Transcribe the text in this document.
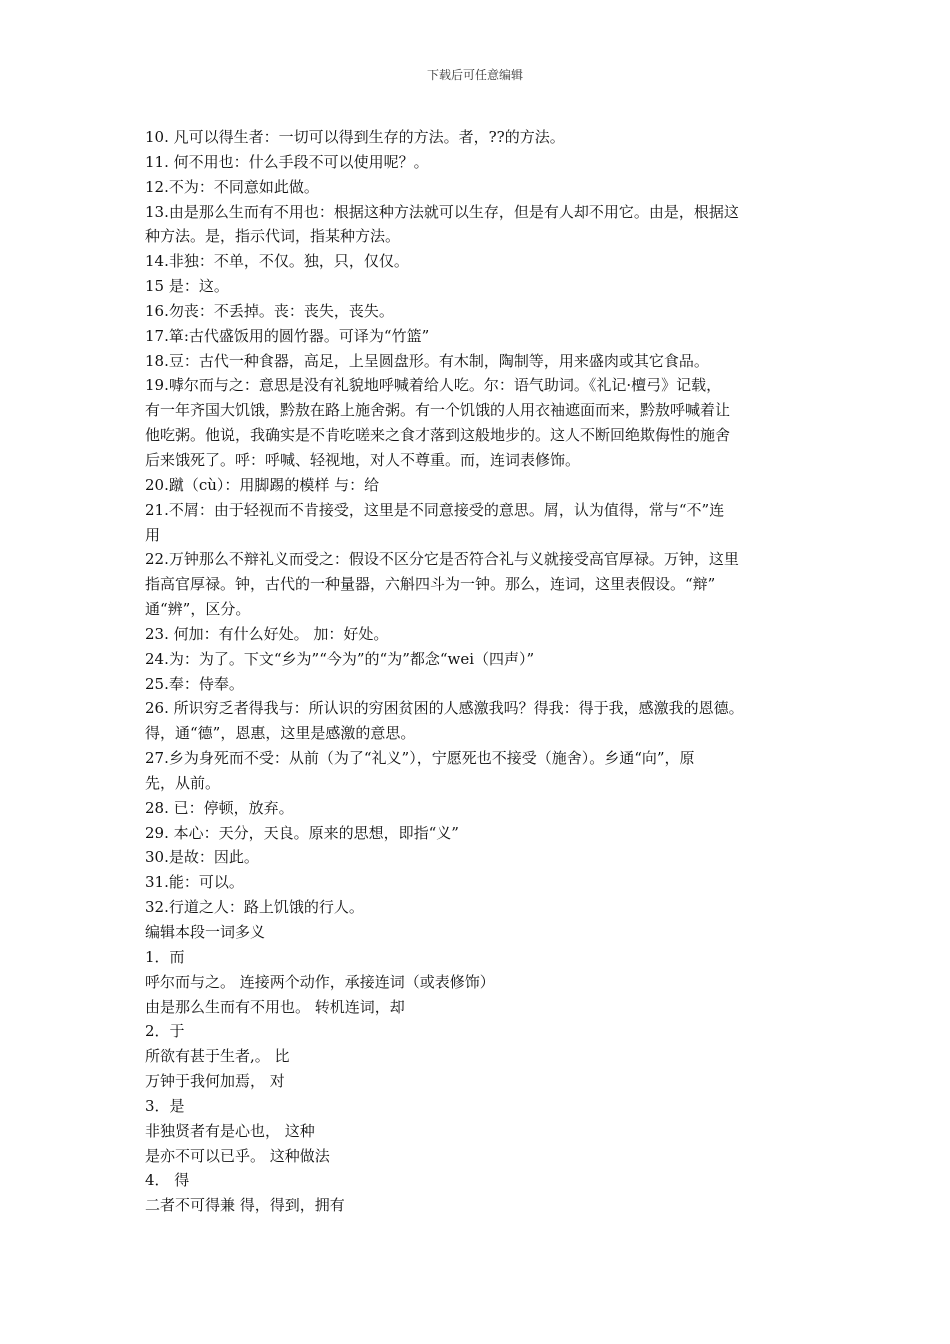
下载后可任意编辑
10. 凡可以得生者：一切可以得到生存的方法。者，??的方法。
11. 何不用也：什么手段不可以使用呢？。
12.不为：不同意如此做。
13.由是那么生而有不用也：根据这种方法就可以生存，但是有人却不用它。由是，根据这
种方法。是，指示代词，指某种方法。
14.非独：不单，不仅。独，只，仅仅。
15 是：这。
16.勿丧：不丢掉。丧：丧失，丧失。
17.箪:古代盛饭用的圆竹器。可译为“竹篮”
18.豆：古代一种食器，高足，上呈圆盘形。有木制，陶制等，用来盛肉或其它食品。
19.嘑尔而与之：意思是没有礼貌地呼喊着给人吃。尔：语气助词。《礼记·檀弓》记载，
有一年齐国大饥饿，黔敖在路上施舍粥。有一个饥饿的人用衣袖遮面而来，黔敖呼喊着让
他吃粥。他说，我确实是不肯吃嗟来之食才落到这般地步的。这人不断回绝欺侮性的施舍
后来饿死了。呼：呼喊、轻视地，对人不尊重。而，连词表修饰。
20.蹴（cù）：用脚踢的模样 与：给
21.不屑：由于轻视而不肯接受，这里是不同意接受的意思。屑，认为值得，常与“不”连
用
22.万钟那么不辩礼义而受之：假设不区分它是否符合礼与义就接受高官厚禄。万钟，这里
指高官厚禄。钟，古代的一种量器，六斛四斗为一钟。那么，连词，这里表假设。“辩”
通“辨”，区分。
23. 何加：有什么好处。 加：好处。
24.为：为了。下文“乡为”“今为”的“为”都念“wei（四声）”
25.奉：侍奉。
26. 所识穷乏者得我与：所认识的穷困贫困的人感激我吗？得我：得于我，感激我的恩德。
得，通“德”，恩惠，这里是感激的意思。
27.乡为身死而不受：从前（为了“礼义”），宁愿死也不接受（施舍）。乡通“向”，原
先，从前。
28. 已：停顿，放弃。
29. 本心：天分，天良。原来的思想，即指“义”
30.是故：因此。
31.能：可以。
32.行道之人：路上饥饿的行人。
编辑本段一词多义
1．而
呼尔而与之。 连接两个动作，承接连词（或表修饰）
由是那么生而有不用也。 转机连词，却
2．于
所欲有甚于生者,。 比
万钟于我何加焉， 对
3．是
非独贤者有是心也， 这种
是亦不可以已乎。 这种做法
4． 得
二者不可得兼 得，得到，拥有
